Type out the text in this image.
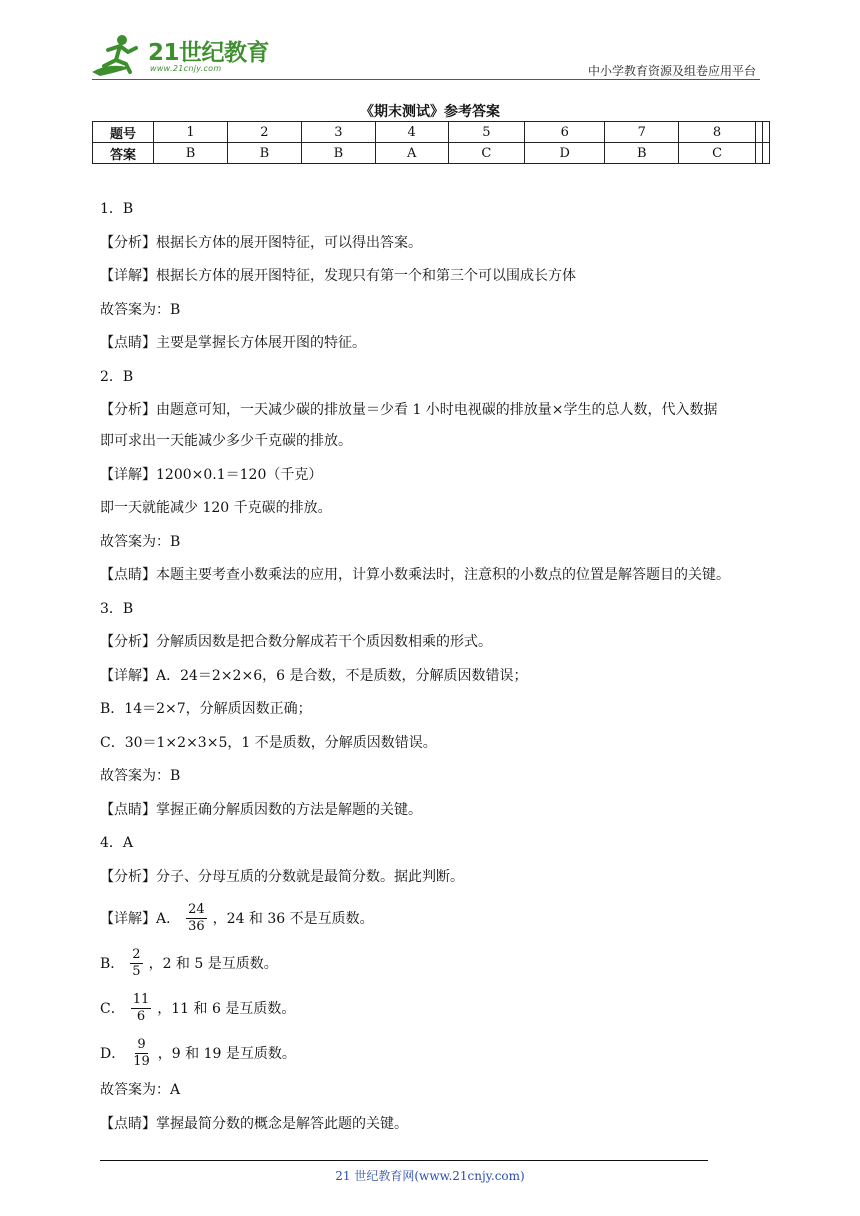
21世纪教育
www.21cnjy.com	中小学教育资源及组卷应用平台
《期末测试》参考答案
题号	1	2	3	4	5	6	7	8		
答案	B	B	B	A	C	D	B	C		
1．B
【分析】根据长方体的展开图特征，可以得出答案。
【详解】根据长方体的展开图特征，发现只有第一个和第三个可以围成长方体
故答案为：B
【点睛】主要是掌握长方体展开图的特征。
2．B
【分析】由题意可知，一天减少碳的排放量＝少看 1 小时电视碳的排放量×学生的总人数，代入数据
即可求出一天能减少多少千克碳的排放。
【详解】1200×0.1＝120（千克）
即一天就能减少 120 千克碳的排放。
故答案为：B
【点睛】本题主要考查小数乘法的应用，计算小数乘法时，注意积的小数点的位置是解答题目的关键。
3．B
【分析】分解质因数是把合数分解成若干个质因数相乘的形式。
【详解】A．24＝2×2×6，6 是合数，不是质数，分解质因数错误；
B．14＝2×7，分解质因数正确；
C．30＝1×2×3×5，1 不是质数，分解质因数错误。
故答案为：B
【点睛】掌握正确分解质因数的方法是解题的关键。
4．A
【分析】分子、分母互质的分数就是最简分数。据此判断。
【详解】A． $\frac{24}{36}$ ，24 和 36 不是互质数。
B． $\frac{2}{5}$ ，2 和 5 是互质数。
C． $\frac{11}{6}$ ，11 和 6 是互质数。
D． $\frac{9}{19}$ ，9 和 19 是互质数。
故答案为：A
【点睛】掌握最简分数的概念是解答此题的关键。
21 世纪教育网(www.21cnjy.com)
